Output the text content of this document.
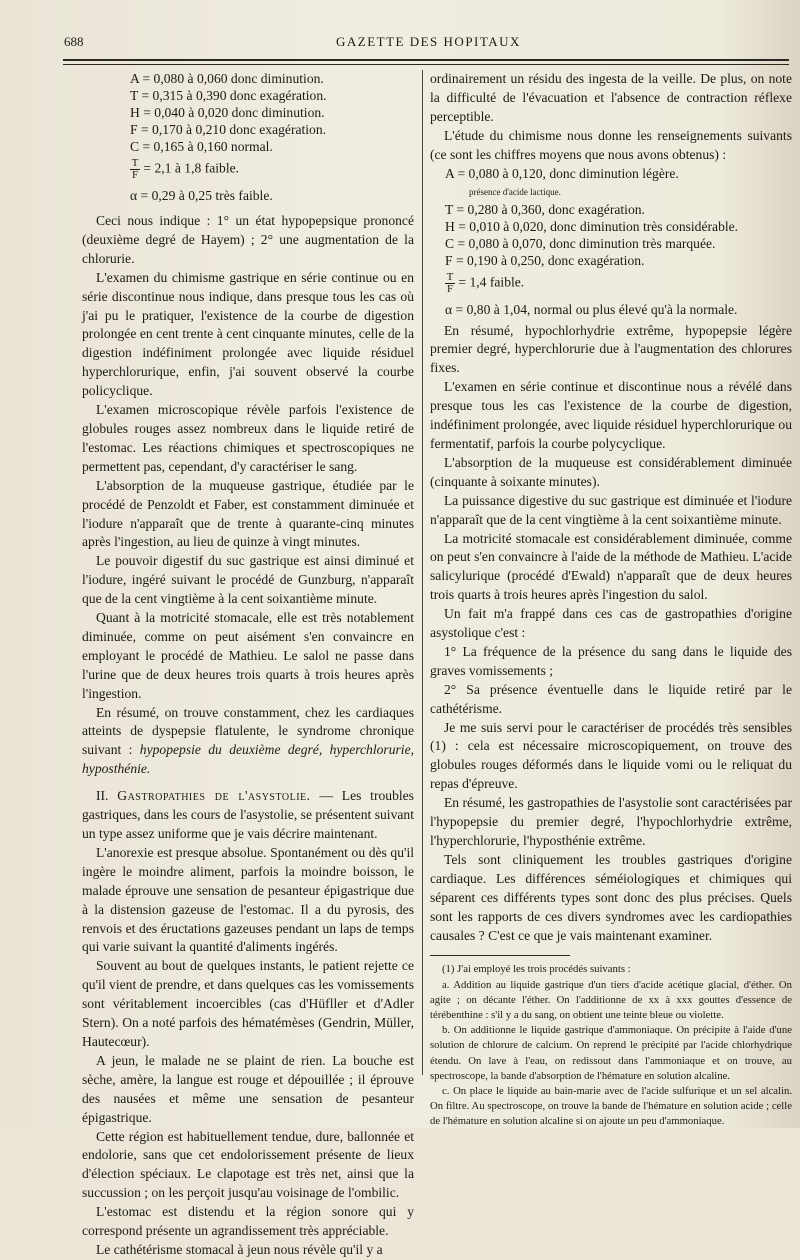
688	GAZETTE DES HOPITAUX
A = 0,080 à 0,060 donc diminution.
T = 0,315 à 0,390 donc exagération.
H = 0,040 à 0,020 donc diminution.
F = 0,170 à 0,210 donc exagération.
C = 0,165 à 0,160 normal.
T
F = 2,1 à 1,8 faible.
α = 0,29 à 0,25 très faible.

Ceci nous indique : 1° un état hypopepsique prononcé (deuxième degré de Hayem) ; 2° une augmentation de la chlorurie.

L'examen du chimisme gastrique en série continue ou en série discontinue nous indique, dans presque tous les cas où j'ai pu le pratiquer, l'existence de la courbe de digestion prolongée en cent trente à cent cinquante minutes, celle de la digestion indéfiniment prolongée avec liquide résiduel hyperchlorurique, enfin, j'ai souvent observé la courbe policyclique.

L'examen microscopique révèle parfois l'existence de globules rouges assez nombreux dans le liquide retiré de l'estomac. Les réactions chimiques et spectroscopiques ne permettent pas, cependant, d'y caractériser le sang.

L'absorption de la muqueuse gastrique, étudiée par le procédé de Penzoldt et Faber, est constamment diminuée et l'iodure n'apparaît que de trente à quarante-cinq minutes après l'ingestion, au lieu de quinze à vingt minutes.

Le pouvoir digestif du suc gastrique est ainsi diminué et l'iodure, ingéré suivant le procédé de Gunzburg, n'apparaît que de la cent vingtième à la cent soixantième minute.

Quant à la motricité stomacale, elle est très notablement diminuée, comme on peut aisément s'en convaincre en employant le procédé de Mathieu. Le salol ne passe dans l'urine que de deux heures trois quarts à trois heures après l'ingestion.

En résumé, on trouve constamment, chez les cardiaques atteints de dyspepsie flatulente, le syndrome chronique suivant : hypopepsie du deuxième degré, hyperchlorurie, hyposthénie.

II. Gastropathies de l'asystolie. — Les troubles gastriques, dans les cours de l'asystolie, se présentent suivant un type assez uniforme que je vais décrire maintenant.

L'anorexie est presque absolue. Spontanément ou dès qu'il ingère le moindre aliment, parfois la moindre boisson, le malade éprouve une sensation de pesanteur épigastrique due à la distension gazeuse de l'estomac. Il a du pyrosis, des renvois et des éructations gazeuses pendant un laps de temps qui varie suivant la quantité d'aliments ingérés.

Souvent au bout de quelques instants, le patient rejette ce qu'il vient de prendre, et dans quelques cas les vomissements sont véritablement incoercibles (cas d'Hüfller et d'Adler Stern). On a noté parfois des hématémèses (Gendrin, Müller, Hautecœur).

A jeun, le malade ne se plaint de rien. La bouche est sèche, amère, la langue est rouge et dépouillée ; il éprouve des nausées et même une sensation de pesanteur épigastrique.

Cette région est habituellement tendue, dure, ballonnée et endolorie, sans que cet endolorissement présente de lieux d'élection spéciaux. Le clapotage est très net, ainsi que la succussion ; on les perçoit jusqu'au voisinage de l'ombilic.

L'estomac est distendu et la région sonore qui y correspond présente un agrandissement très appréciable.

Le cathétérisme stomacal à jeun nous révèle qu'il y a

ordinairement un résidu des ingesta de la veille. De plus, on note la difficulté de l'évacuation et l'absence de contraction réflexe perceptible.

L'étude du chimisme nous donne les renseignements suivants (ce sont les chiffres moyens que nous avons obtenus) :

A = 0,080 à 0,120, donc diminution légère.
présence d'acide lactique.
T = 0,280 à 0,360, donc exagération.
H = 0,010 à 0,020, donc diminution très considérable.
C = 0,080 à 0,070, donc diminution très marquée.
F = 0,190 à 0,250, donc exagération.
T
F = 1,4 faible.
α = 0,80 à 1,04, normal ou plus élevé qu'à la normale.

En résumé, hypochlorhydrie extrême, hypopepsie légère premier degré, hyperchlorurie due à l'augmentation des chlorures fixes.

L'examen en série continue et discontinue nous a révélé dans presque tous les cas l'existence de la courbe de digestion, indéfiniment prolongée, avec liquide résiduel hyperchlorurique ou fermentatif, parfois la courbe polycyclique.

L'absorption de la muqueuse est considérablement diminuée (cinquante à soixante minutes).

La puissance digestive du suc gastrique est diminuée et l'iodure n'apparaît que de la cent vingtième à la cent soixantième minute.

La motricité stomacale est considérablement diminuée, comme on peut s'en convaincre à l'aide de la méthode de Mathieu. L'acide salicylurique (procédé d'Ewald) n'apparaît que de deux heures trois quarts à trois heures après l'ingestion du salol.

Un fait m'a frappé dans ces cas de gastropathies d'origine asystolique c'est :

1° La fréquence de la présence du sang dans le liquide des graves vomissements ;

2° Sa présence éventuelle dans le liquide retiré par le cathétérisme.

Je me suis servi pour le caractériser de procédés très sensibles (1) : cela est nécessaire microscopiquement, on trouve des globules rouges déformés dans le liquide vomi ou le reliquat du repas d'épreuve.

En résumé, les gastropathies de l'asystolie sont caractérisées par l'hypopepsie du premier degré, l'hypochlorhydrie extrême, l'hyperchlorurie, l'hyposthénie extrême.

Tels sont cliniquement les troubles gastriques d'origine cardiaque. Les différences séméiologiques et chimiques qui séparent ces différents types sont donc des plus précises. Quels sont les rapports de ces divers syndromes avec les cardiopathies causales ? C'est ce que je vais maintenant examiner.

(1) J'ai employé les trois procédés suivants :

a. Addition au liquide gastrique d'un tiers d'acide acétique glacial, d'éther. On agite ; on décante l'éther. On l'additionne de xx à xxx gouttes d'essence de térébenthine : s'il y a du sang, on obtient une teinte bleue ou violette.

b. On additionne le liquide gastrique d'ammoniaque. On précipite à l'aide d'une solution de chlorure de calcium. On reprend le précipité par l'acide chlorhydrique étendu. On lave à l'eau, on redissout dans l'ammoniaque et on trouve, au spectroscope, la bande d'absorption de l'hémature en solution alcaline.

c. On place le liquide au bain-marie avec de l'acide sulfurique et un sel alcalin. On filtre. Au spectroscope, on trouve la bande de l'hémature en solution acide ; celle de l'hémature en solution alcaline si on ajoute un peu d'ammoniaque.
